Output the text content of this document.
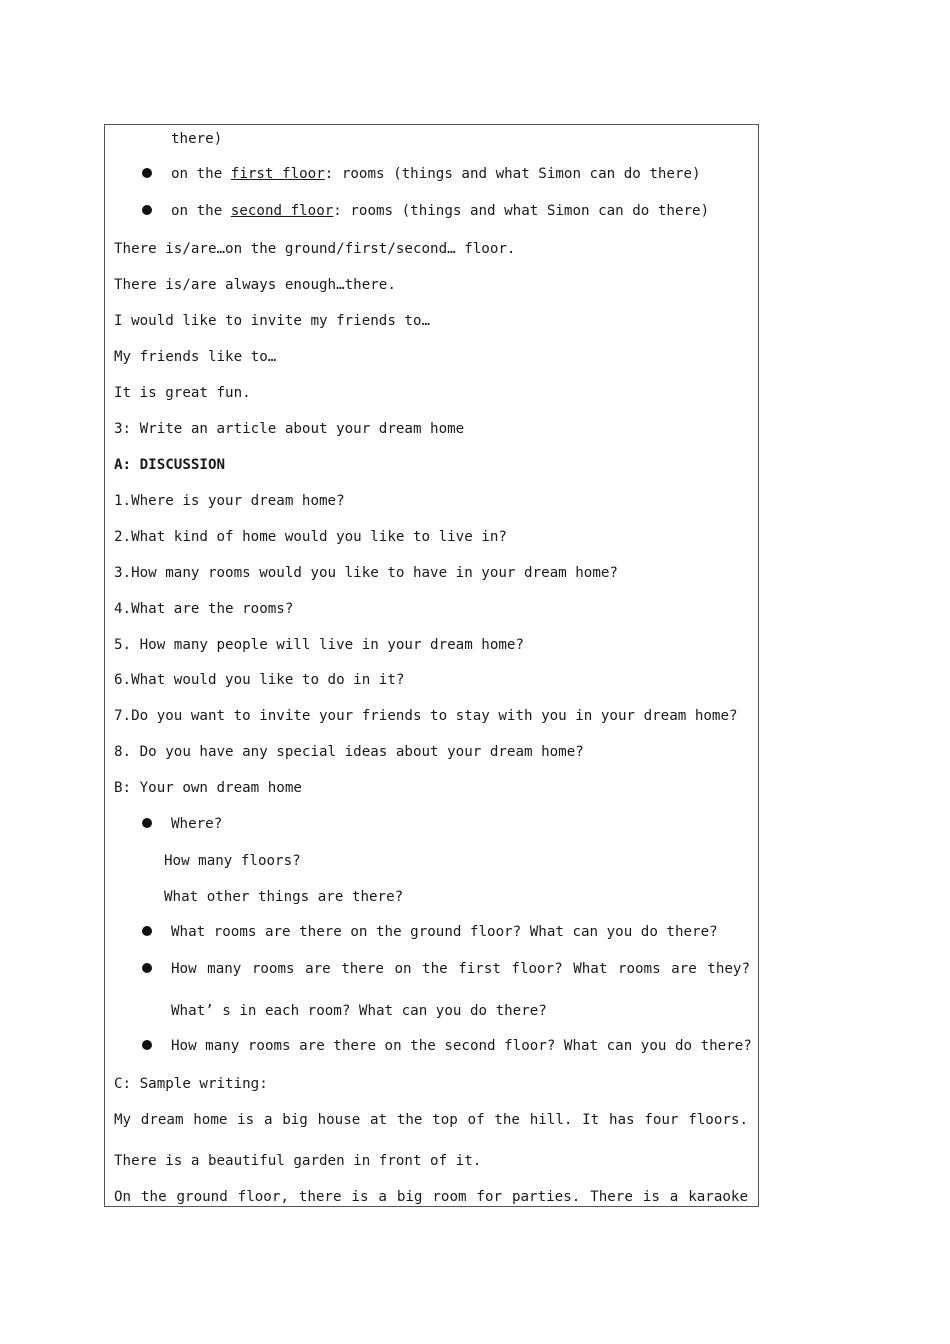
there)
on the first floor: rooms (things and what Simon can do there)
on the second floor: rooms (things and what Simon can do there)
There is/are…on the ground/first/second… floor.
There is/are always enough…there.
I would like to invite my friends to…
My friends like to…
It is great fun.
3: Write an article about your dream home
A: DISCUSSION
1.Where is your dream home?
2.What kind of home would you like to live in?
3.How many rooms would you like to have in your dream home?
4.What are the rooms?
5. How many people will live in your dream home?
6.What would you like to do in it?
7.Do you want to invite your friends to stay with you in your dream home?
8. Do you have any special ideas about your dream home?
B: Your own dream home
Where?
How many floors?
What other things are there?
What rooms are there on the ground floor? What can you do there?
How many rooms are there on the first floor? What rooms are they?
What’ s in each room? What can you do there?
How many rooms are there on the second floor? What can you do there?
C: Sample writing:
My dream home is a big house at the top of the hill. It has four floors.
There is a beautiful garden in front of it.
On the ground floor, there is a big room for parties. There is a karaoke
